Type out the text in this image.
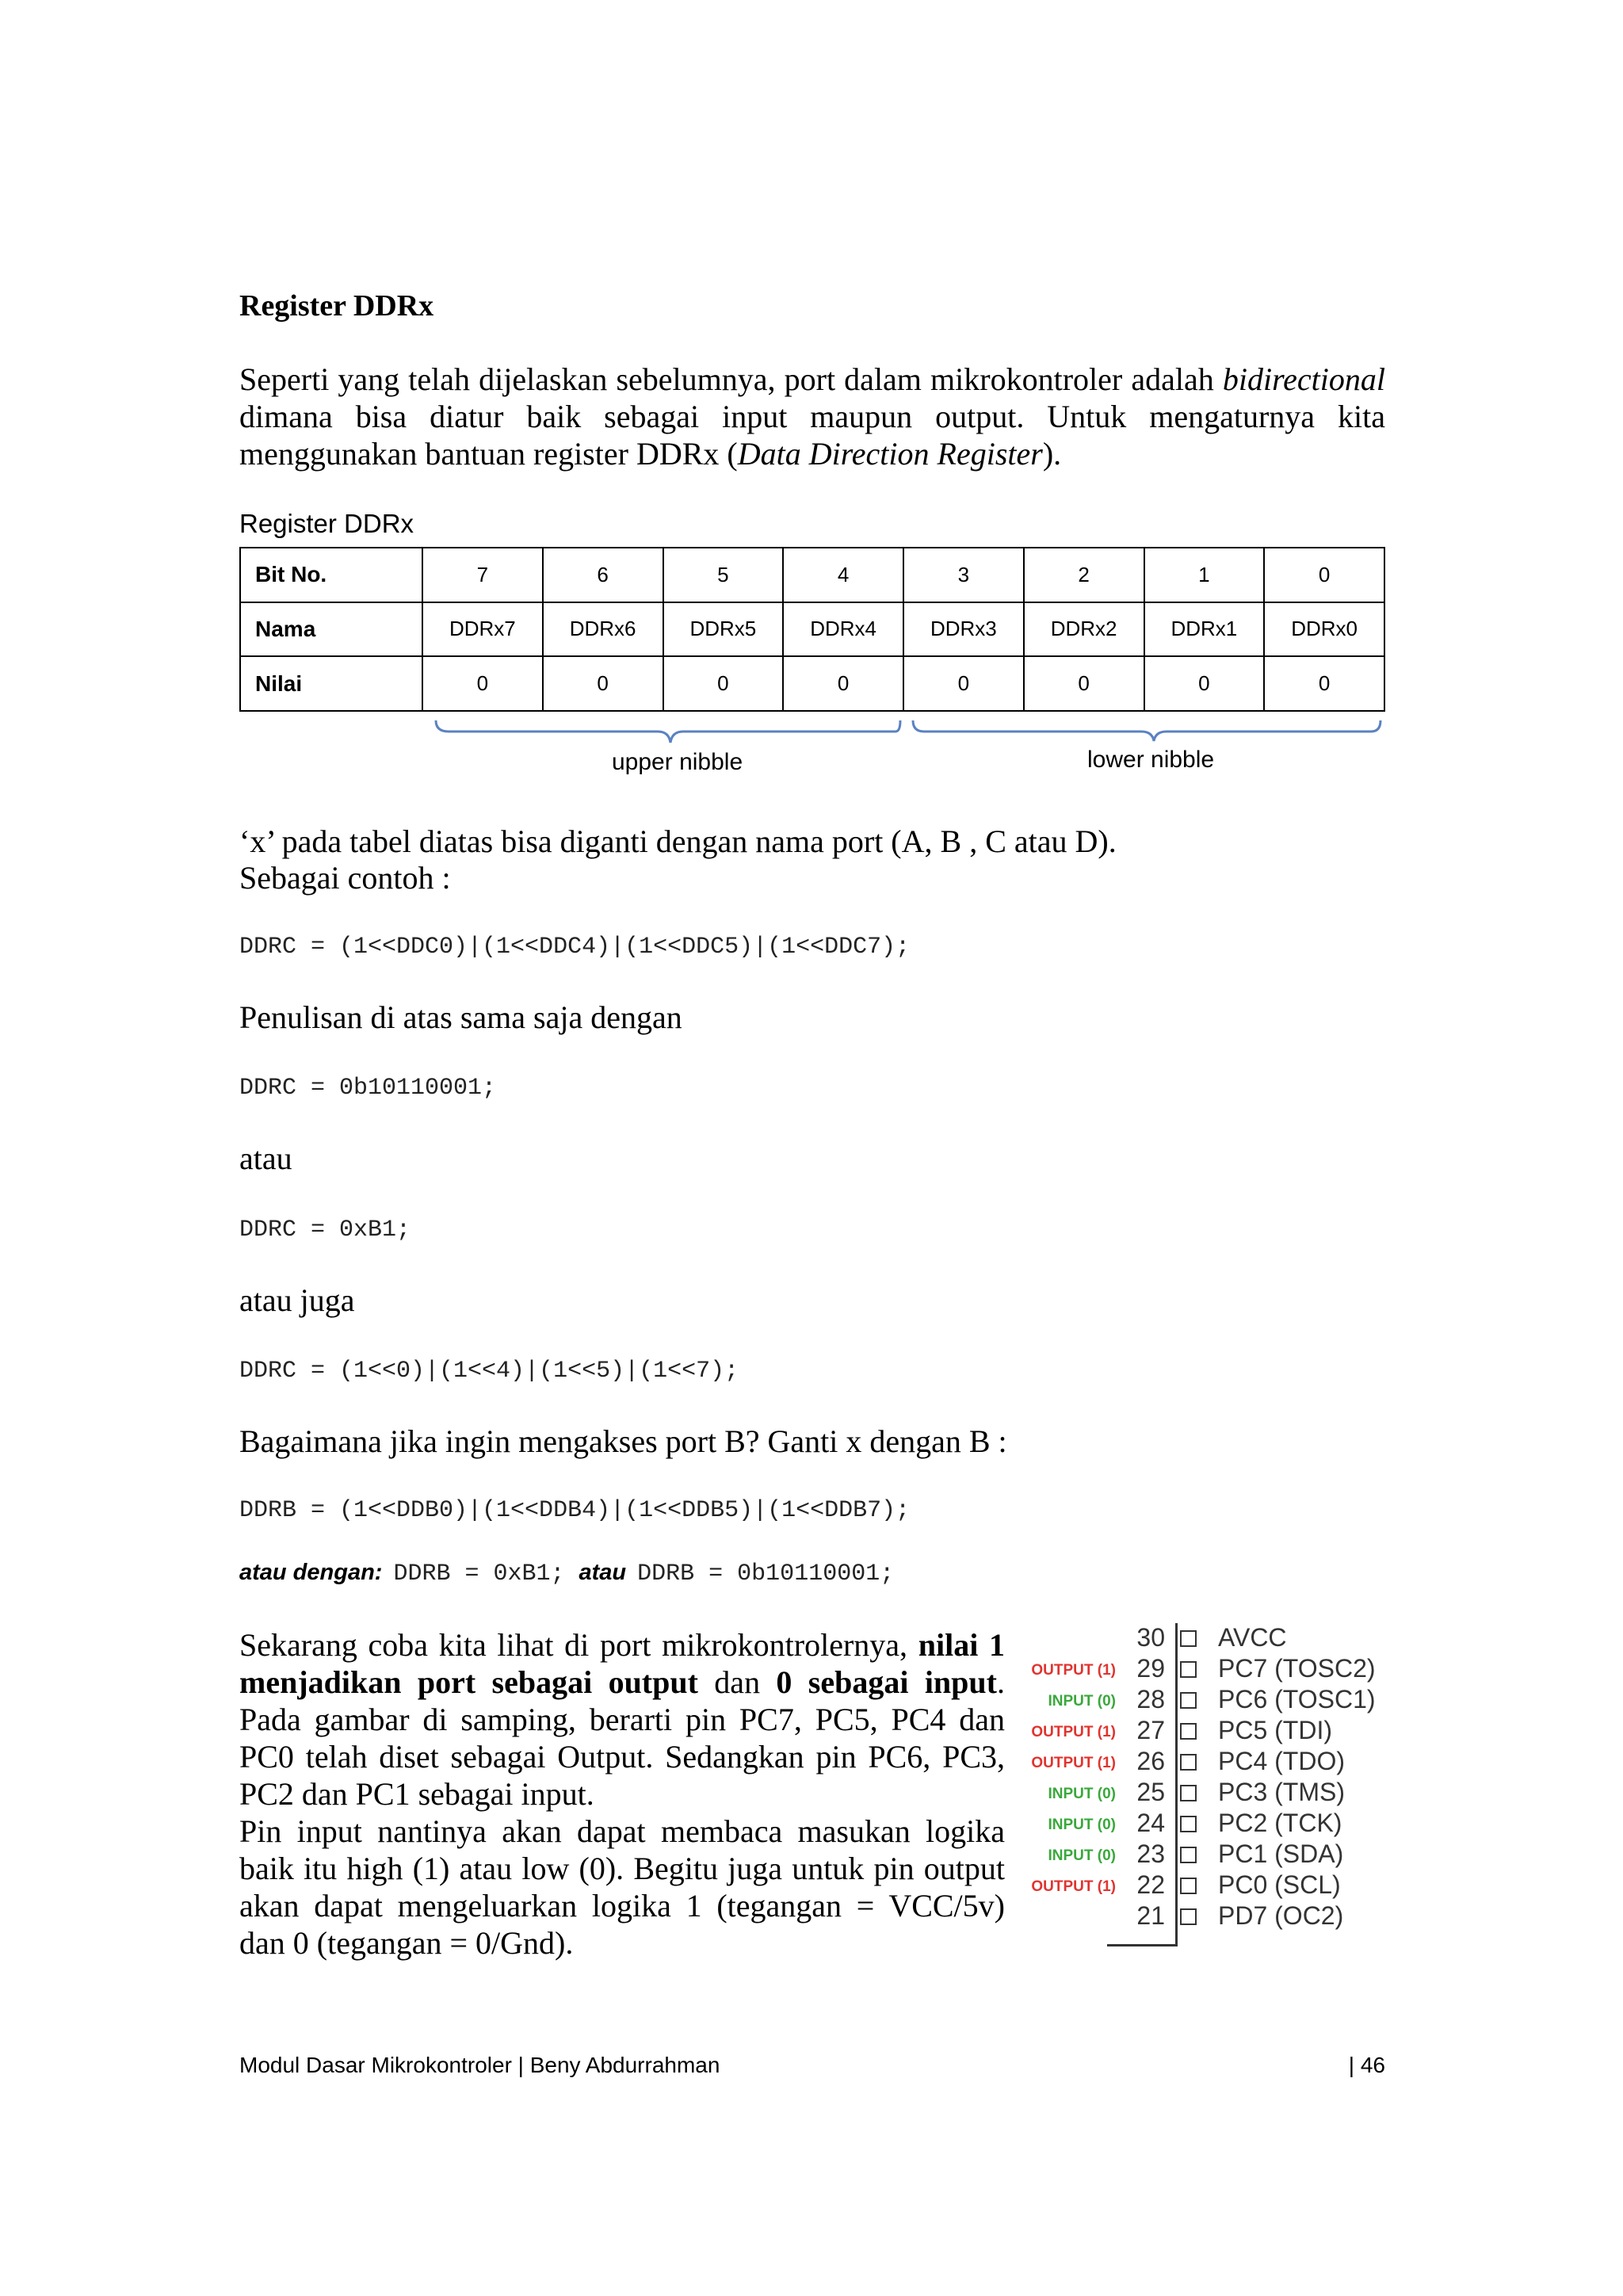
Register DDRx

Seperti yang telah dijelaskan sebelumnya, port dalam mikrokontroler adalah bidirectional dimana bisa diatur baik sebagai input maupun output. Untuk mengaturnya kita menggunakan bantuan register DDRx (Data Direction Register).

Register DDRx
Bit No.	7	6	5	4	3	2	1	0
Nama	DDRx7	DDRx6	DDRx5	DDRx4	DDRx3	DDRx2	DDRx1	DDRx0
Nilai	0	0	0	0	0	0	0	0
upper nibble	lower nibble
‘x’ pada tabel diatas bisa diganti dengan nama port (A, B , C atau D).
Sebagai contoh :
DDRC = (1<<DDC0)|(1<<DDC4)|(1<<DDC5)|(1<<DDC7);
Penulisan di atas sama saja dengan
DDRC = 0b10110001;
atau
DDRC = 0xB1;
atau juga
DDRC = (1<<0)|(1<<4)|(1<<5)|(1<<7);
Bagaimana jika ingin mengakses port B? Ganti x dengan B :
DDRB = (1<<DDB0)|(1<<DDB4)|(1<<DDB5)|(1<<DDB7);
atau dengan: DDRB = 0xB1; atau DDRB = 0b10110001;

Sekarang coba kita lihat di port mikrokontrolernya, nilai 1 menjadikan port sebagai output dan 0 sebagai input. Pada gambar di samping, berarti pin PC7, PC5, PC4 dan PC0 telah diset sebagai Output. Sedangkan pin PC6, PC3, PC2 dan PC1 sebagai input.

Pin input nantinya akan dapat membaca masukan logika baik itu high (1) atau low (0). Begitu juga untuk pin output akan dapat mengeluarkan logika 1 (tegangan = VCC/5v) dan 0 (tegangan = 0/Gnd).

30 AVCC
OUTPUT (1) 29 PC7 (TOSC2)
INPUT (0) 28 PC6 (TOSC1)
OUTPUT (1) 27 PC5 (TDI)
OUTPUT (1) 26 PC4 (TDO)
INPUT (0) 25 PC3 (TMS)
INPUT (0) 24 PC2 (TCK)
INPUT (0) 23 PC1 (SDA)
OUTPUT (1) 22 PC0 (SCL)
21 PD7 (OC2)
Modul Dasar Mikrokontroler | Beny Abdurrahman	| 46
